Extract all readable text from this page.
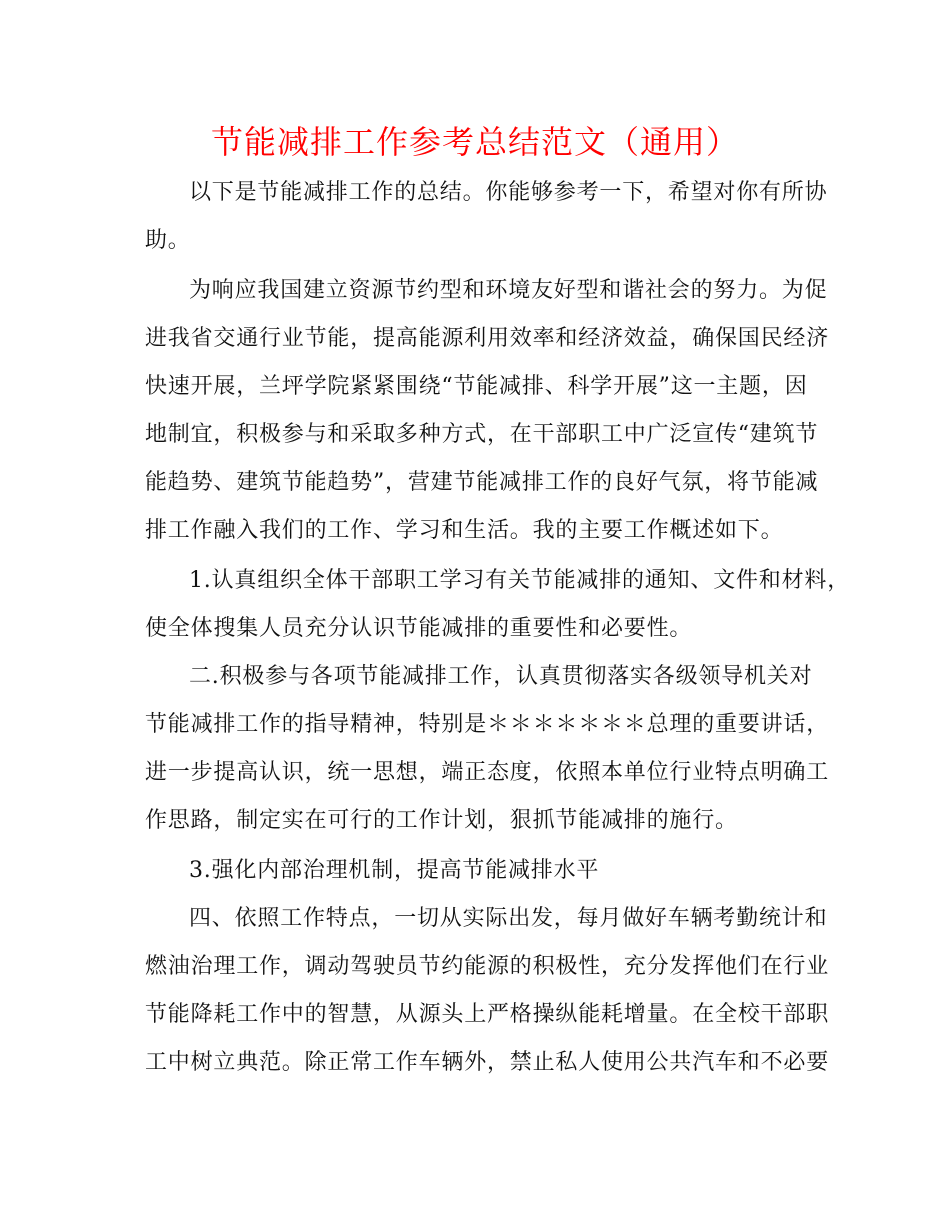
节能减排工作参考总结范文（通用）
以下是节能减排工作的总结。你能够参考一下，希望对你有所协
助。
为响应我国建立资源节约型和环境友好型和谐社会的努力。为促
进我省交通行业节能，提高能源利用效率和经济效益，确保国民经济
快速开展，兰坪学院紧紧围绕“节能减排、科学开展”这一主题，因
地制宜，积极参与和采取多种方式，在干部职工中广泛宣传“建筑节
能趋势、建筑节能趋势”，营建节能减排工作的良好气氛，将节能减
排工作融入我们的工作、学习和生活。我的主要工作概述如下。
1.认真组织全体干部职工学习有关节能减排的通知、文件和材料，
使全体搜集人员充分认识节能减排的重要性和必要性。
二.积极参与各项节能减排工作，认真贯彻落实各级领导机关对
节能减排工作的指导精神，特别是＊＊＊＊＊＊＊总理的重要讲话，
进一步提高认识，统一思想，端正态度，依照本单位行业特点明确工
作思路，制定实在可行的工作计划，狠抓节能减排的施行。
3.强化内部治理机制，提高节能减排水平
四、依照工作特点，一切从实际出发，每月做好车辆考勤统计和
燃油治理工作，调动驾驶员节约能源的积极性，充分发挥他们在行业
节能降耗工作中的智慧，从源头上严格操纵能耗增量。在全校干部职
工中树立典范。除正常工作车辆外，禁止私人使用公共汽车和不必要
